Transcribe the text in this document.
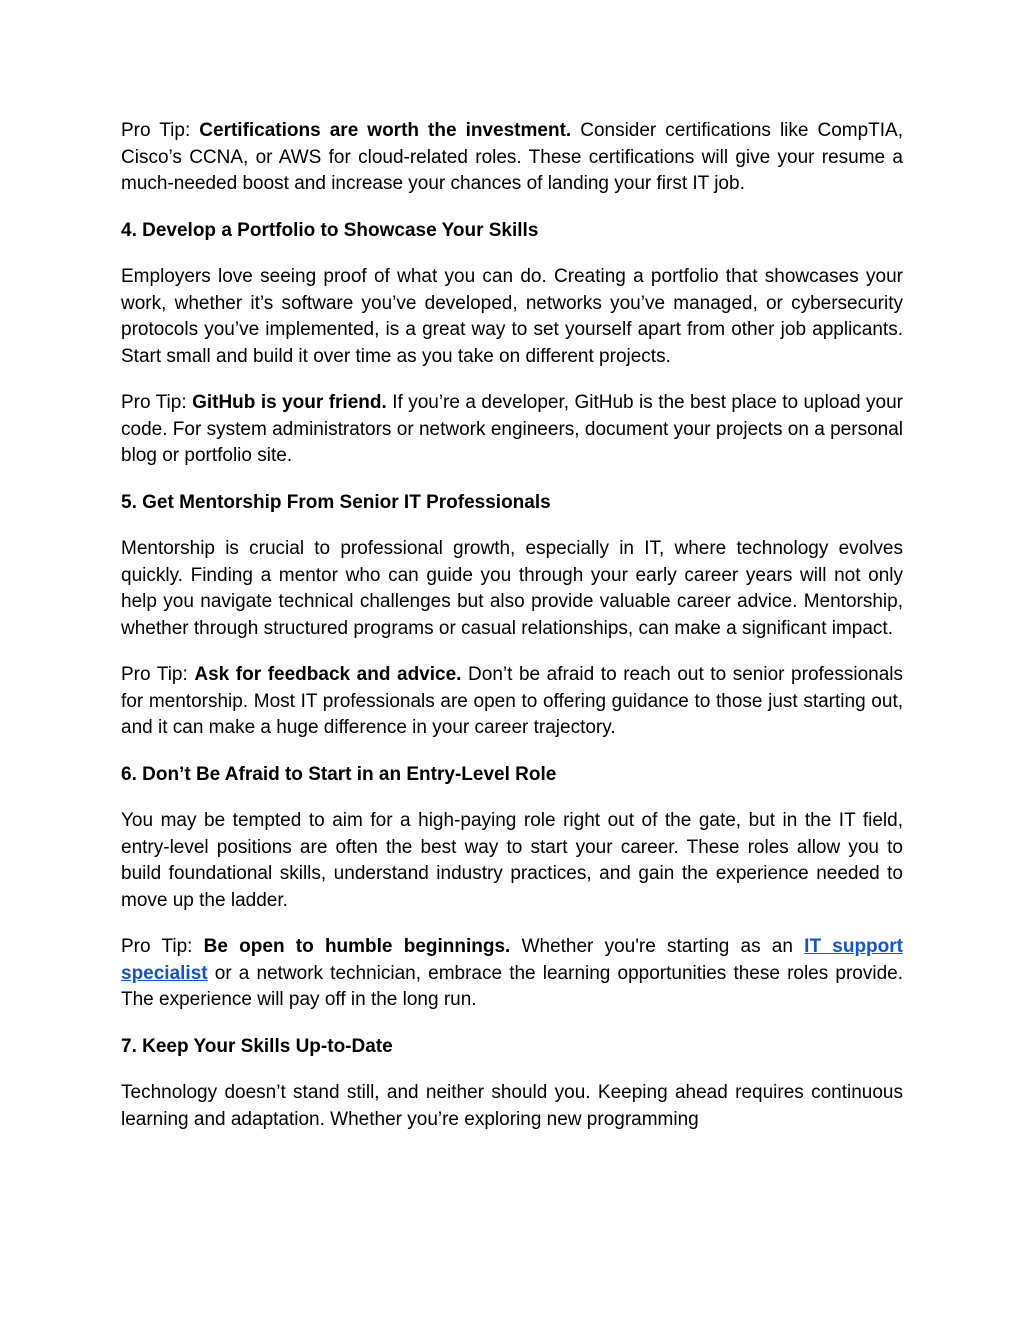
Pro Tip: Certifications are worth the investment. Consider certifications like CompTIA, Cisco’s CCNA, or AWS for cloud-related roles. These certifications will give your resume a much-needed boost and increase your chances of landing your first IT job.

4. Develop a Portfolio to Showcase Your Skills

Employers love seeing proof of what you can do. Creating a portfolio that showcases your work, whether it’s software you’ve developed, networks you’ve managed, or cybersecurity protocols you’ve implemented, is a great way to set yourself apart from other job applicants. Start small and build it over time as you take on different projects.

Pro Tip: GitHub is your friend. If you’re a developer, GitHub is the best place to upload your code. For system administrators or network engineers, document your projects on a personal blog or portfolio site.

5. Get Mentorship From Senior IT Professionals

Mentorship is crucial to professional growth, especially in IT, where technology evolves quickly. Finding a mentor who can guide you through your early career years will not only help you navigate technical challenges but also provide valuable career advice. Mentorship, whether through structured programs or casual relationships, can make a significant impact.

Pro Tip: Ask for feedback and advice. Don’t be afraid to reach out to senior professionals for mentorship. Most IT professionals are open to offering guidance to those just starting out, and it can make a huge difference in your career trajectory.

6. Don’t Be Afraid to Start in an Entry-Level Role

You may be tempted to aim for a high-paying role right out of the gate, but in the IT field, entry-level positions are often the best way to start your career. These roles allow you to build foundational skills, understand industry practices, and gain the experience needed to move up the ladder.

Pro Tip: Be open to humble beginnings. Whether you're starting as an IT support specialist or a network technician, embrace the learning opportunities these roles provide. The experience will pay off in the long run.

7. Keep Your Skills Up-to-Date

Technology doesn’t stand still, and neither should you. Keeping ahead requires continuous learning and adaptation. Whether you’re exploring new programming
